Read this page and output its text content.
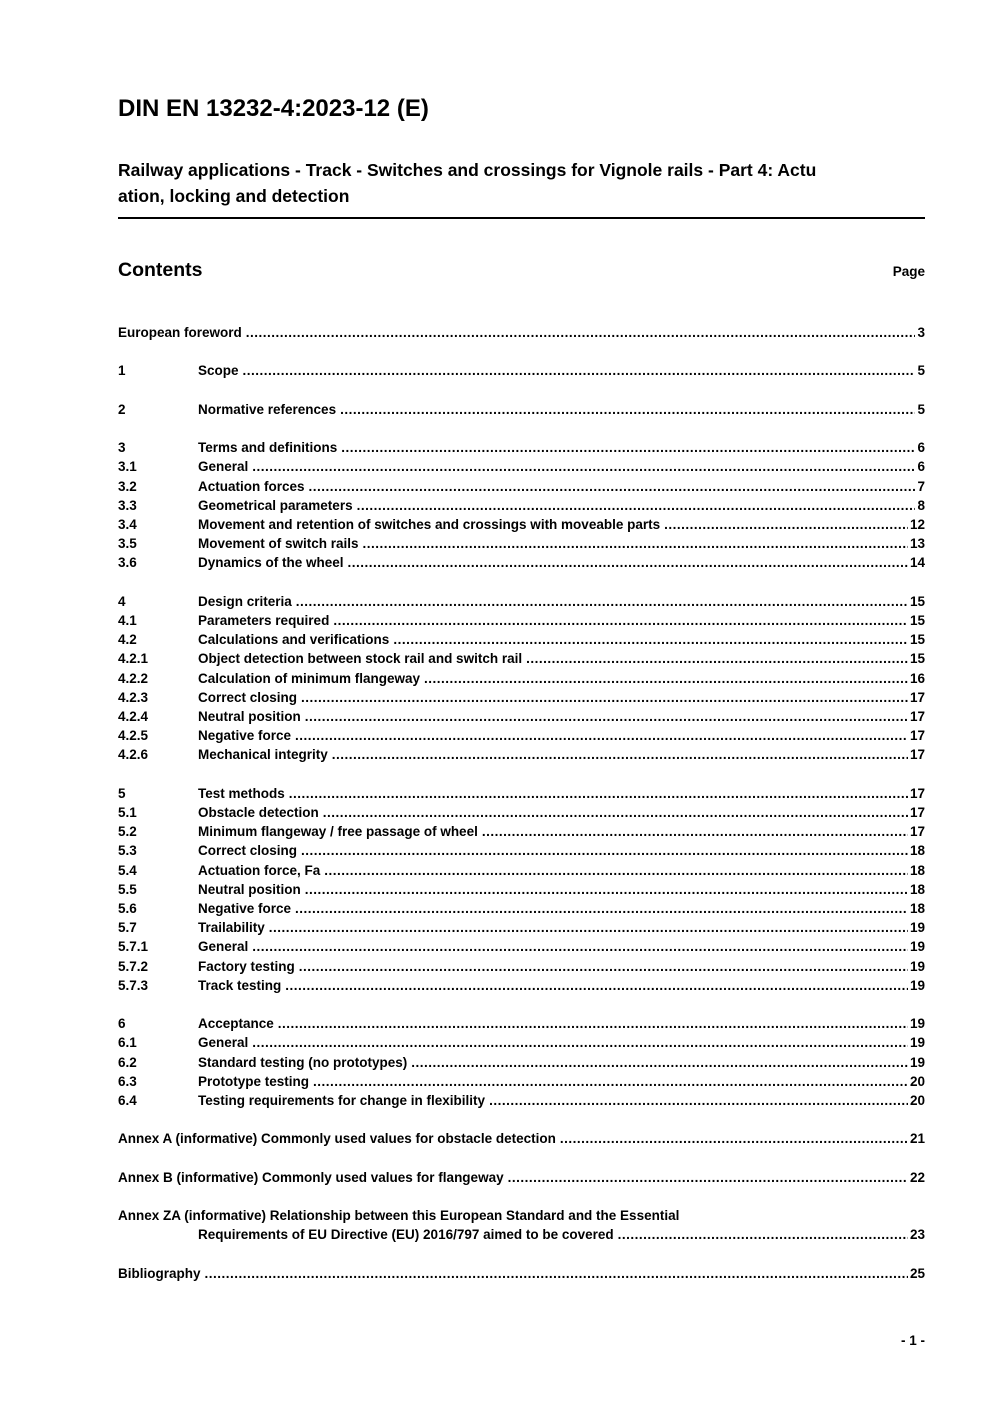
DIN EN 13232-4:2023-12 (E)
Railway applications - Track - Switches and crossings for Vignole rails - Part 4: Actu
ation, locking and detection
Contents	Page
European foreword .....	3
1	Scope .....	5
2	Normative references .....	5
3	Terms and definitions .....	6
3.1	General .....	6
3.2	Actuation forces .....	7
3.3	Geometrical parameters .....	8
3.4	Movement and retention of switches and crossings with moveable parts .....	12
3.5	Movement of switch rails .....	13
3.6	Dynamics of the wheel .....	14
4	Design criteria .....	15
4.1	Parameters required .....	15
4.2	Calculations and verifications .....	15
4.2.1	Object detection between stock rail and switch rail .....	15
4.2.2	Calculation of minimum flangeway .....	16
4.2.3	Correct closing .....	17
4.2.4	Neutral position .....	17
4.2.5	Negative force .....	17
4.2.6	Mechanical integrity .....	17
5	Test methods .....	17
5.1	Obstacle detection .....	17
5.2	Minimum flangeway / free passage of wheel .....	17
5.3	Correct closing .....	18
5.4	Actuation force, Fa .....	18
5.5	Neutral position .....	18
5.6	Negative force .....	18
5.7	Trailability .....	19
5.7.1	General .....	19
5.7.2	Factory testing .....	19
5.7.3	Track testing .....	19
6	Acceptance .....	19
6.1	General .....	19
6.2	Standard testing (no prototypes) .....	19
6.3	Prototype testing .....	20
6.4	Testing requirements for change in flexibility .....	20
Annex A (informative) Commonly used values for obstacle detection .....	21
Annex B (informative) Commonly used values for flangeway .....	22
Annex ZA (informative) Relationship between this European Standard and the Essential
Requirements of EU Directive (EU) 2016/797 aimed to be covered .....	23
Bibliography .....	25
- 1 -
